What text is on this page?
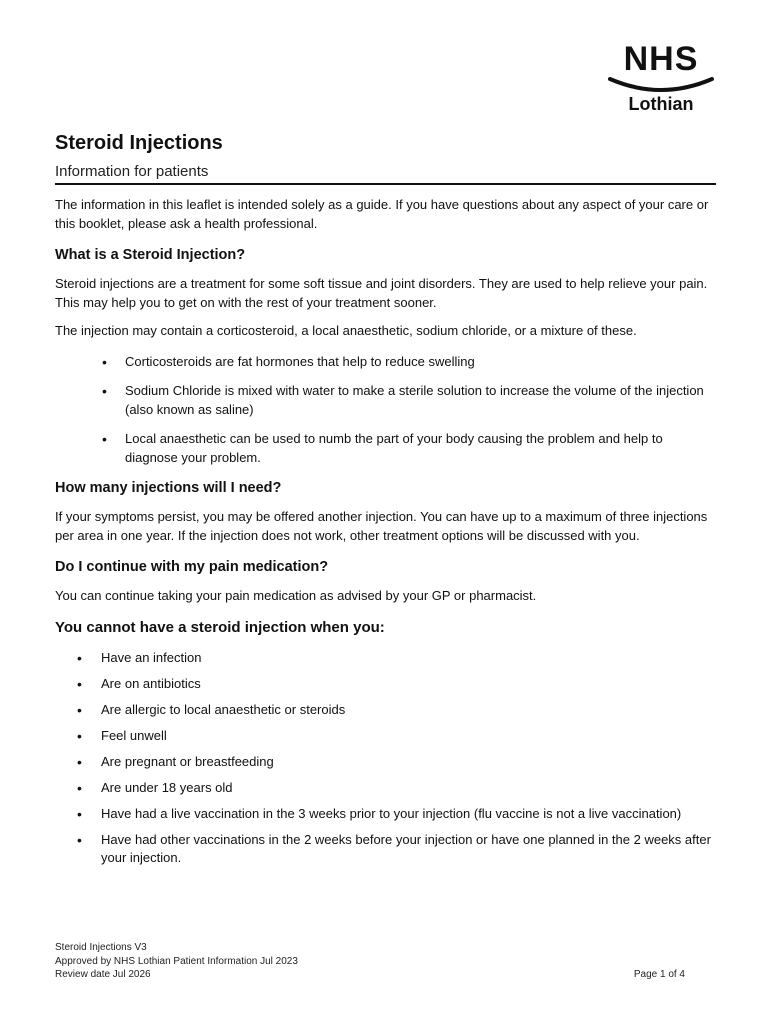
NHS
Lothian
Steroid Injections
Information for patients

The information in this leaflet is intended solely as a guide. If you have questions about any aspect of your care or this booklet, please ask a health professional.

What is a Steroid Injection?

Steroid injections are a treatment for some soft tissue and joint disorders. They are used to help relieve your pain. This may help you to get on with the rest of your treatment sooner.

The injection may contain a corticosteroid, a local anaesthetic, sodium chloride, or a mixture of these.

• Corticosteroids are fat hormones that help to reduce swelling
• Sodium Chloride is mixed with water to make a sterile solution to increase the volume of the injection (also known as saline)
• Local anaesthetic can be used to numb the part of your body causing the problem and help to diagnose your problem.
How many injections will I need?

If your symptoms persist, you may be offered another injection. You can have up to a maximum of three injections per area in one year. If the injection does not work, other treatment options will be discussed with you.

Do I continue with my pain medication?

You can continue taking your pain medication as advised by your GP or pharmacist.

You cannot have a steroid injection when you:
• Have an infection
• Are on antibiotics
• Are allergic to local anaesthetic or steroids
• Feel unwell
• Are pregnant or breastfeeding
• Are under 18 years old
• Have had a live vaccination in the 3 weeks prior to your injection (flu vaccine is not a live vaccination)
• Have had other vaccinations in the 2 weeks before your injection or have one planned in the 2 weeks after your injection.
Steroid Injections V3
Approved by NHS Lothian Patient Information Jul 2023
Review date Jul 2026	Page 1 of 4
